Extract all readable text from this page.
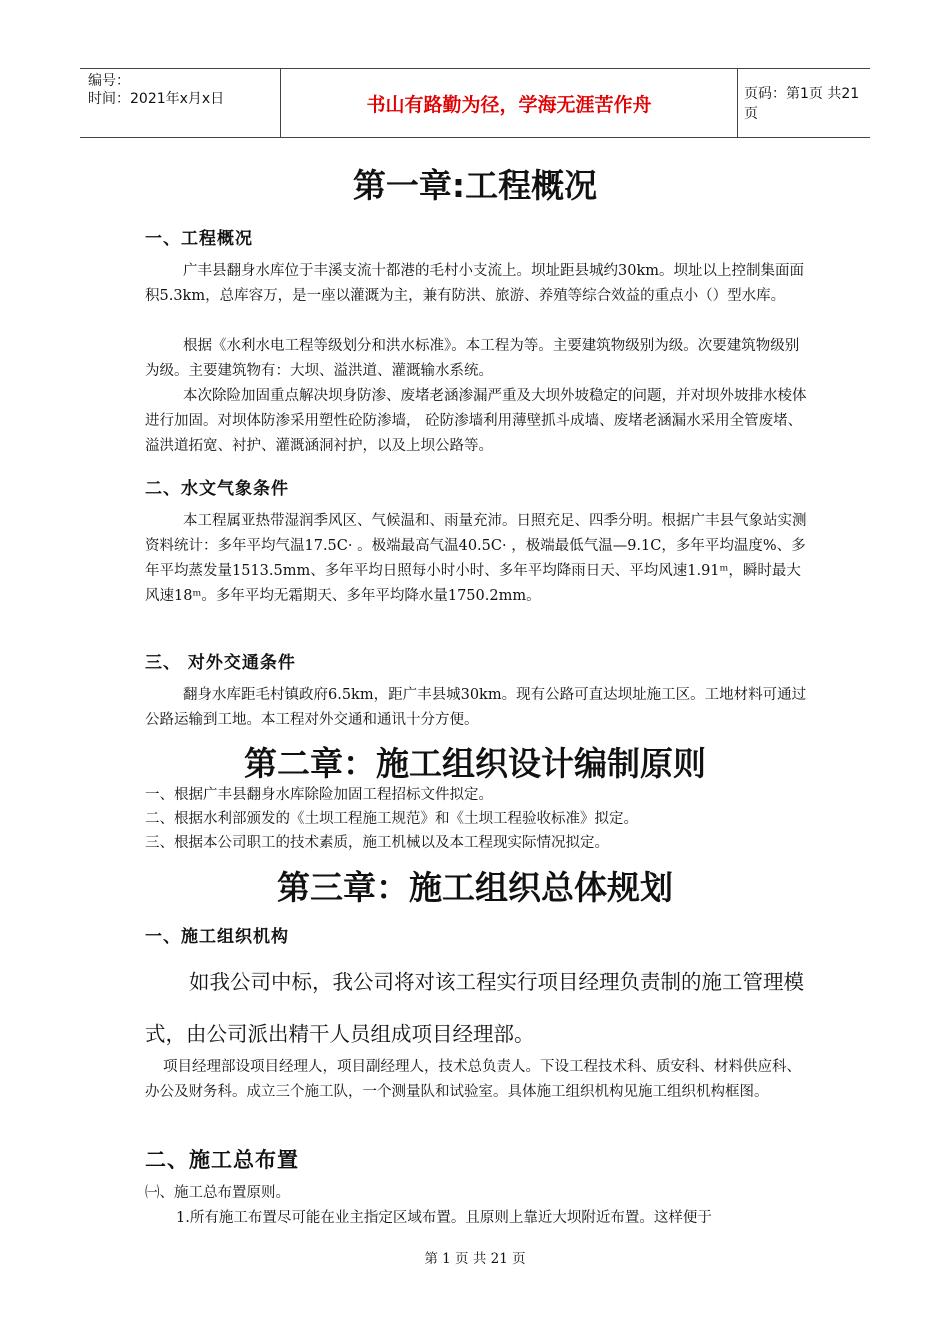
编号：
时间：2021年x月x日	书山有路勤为径，学海无涯苦作舟	页码：第1页 共21页
第一章:工程概况
一、工程概况

广丰县翻身水库位于丰溪支流十都港的毛村小支流上。坝址距县城约30km。坝址以上控制集面面积5.3km，总库容万，是一座以灌溉为主，兼有防洪、旅游、养殖等综合效益的重点小（）型水库。

根据《水利水电工程等级划分和洪水标准》。本工程为等。主要建筑物级别为级。次要建筑物级别为级。主要建筑物有：大坝、溢洪道、灌溉输水系统。

本次除险加固重点解决坝身防渗、废堵老涵渗漏严重及大坝外坡稳定的问题，并对坝外坡排水棱体进行加固。对坝体防渗采用塑性砼防渗墙， 砼防渗墙利用薄壁抓斗成墙、废堵老涵漏水采用全管废堵、溢洪道拓宽、衬护、灌溉涵洞衬护，以及上坝公路等。

二、水文气象条件

本工程属亚热带湿润季风区、气候温和、雨量充沛。日照充足、四季分明。根据广丰县气象站实测资料统计：多年平均气温17.5C· 。极端最高气温40.5C· ，极端最低气温—9.1C，多年平均温度%、多年平均蒸发量1513.5mm、多年平均日照每小时小时、多年平均降雨日天、平均风速1.91ᵐ，瞬时最大风速18ᵐ。多年平均无霜期天、多年平均降水量1750.2mm。

三、 对外交通条件

翻身水库距毛村镇政府6.5km，距广丰县城30km。现有公路可直达坝址施工区。工地材料可通过公路运输到工地。本工程对外交通和通讯十分方便。

第二章：施工组织设计编制原则
一、根据广丰县翻身水库除险加固工程招标文件拟定。
二、根据水利部颁发的《土坝工程施工规范》和《土坝工程验收标准》拟定。
三、根据本公司职工的技术素质，施工机械以及本工程现实际情况拟定。
第三章：施工组织总体规划
一、施工组织机构

如我公司中标，我公司将对该工程实行项目经理负责制的施工管理模式，由公司派出精干人员组成项目经理部。

项目经理部设项目经理人，项目副经理人，技术总负责人。下设工程技术科、质安科、材料供应科、办公及财务科。成立三个施工队，一个测量队和试验室。具体施工组织机构见施工组织机构框图。

二、施工总布置
㈠、施工总布置原则。
1.所有施工布置尽可能在业主指定区域布置。且原则上靠近大坝附近布置。这样便于
第 1 页 共 21 页
